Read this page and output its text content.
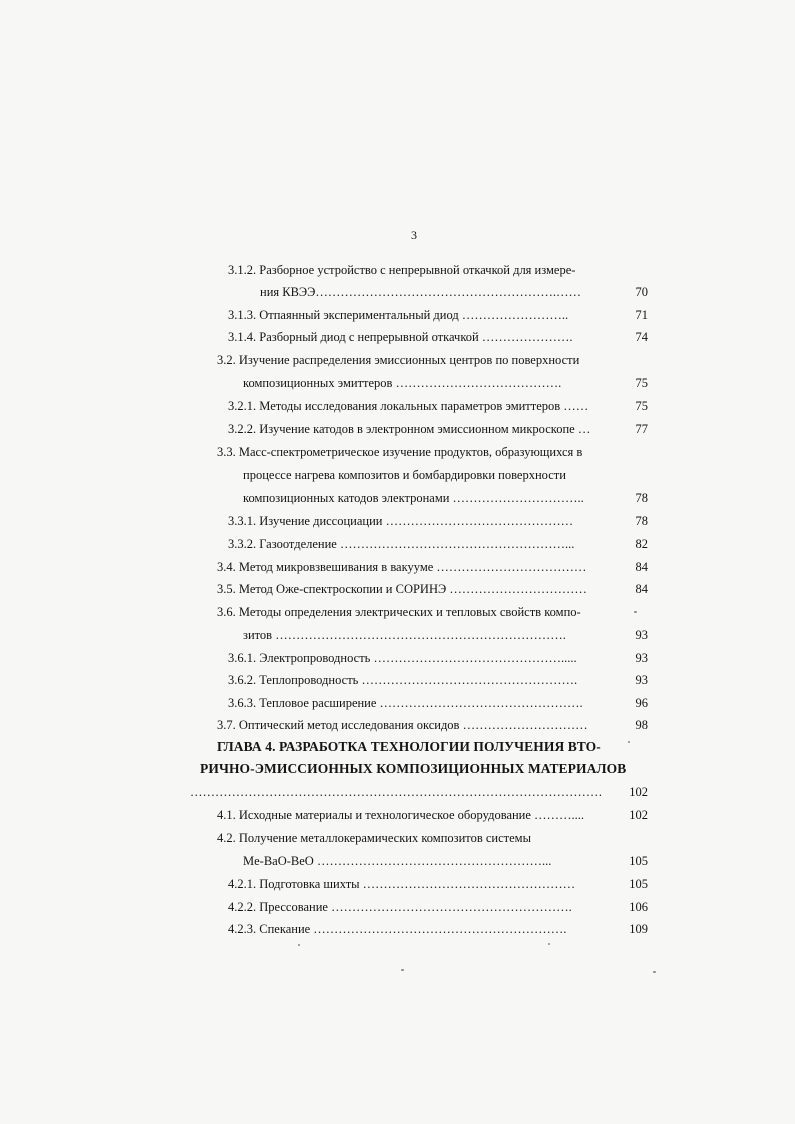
3
3.1.2. Разборное устройство с непрерывной откачкой для измере-
ния КВЭЭ………………………………………………….……	70
3.1.3. Отпаянный экспериментальный диод ……………………..	71
3.1.4. Разборный диод с непрерывной откачкой ………………….	74
3.2. Изучение распределения эмиссионных центров по поверхности
композиционных эмиттеров ………………………………….	75
3.2.1. Методы исследования локальных параметров эмиттеров ……	75
3.2.2. Изучение катодов в электронном эмиссионном микроскопе …	77
3.3. Масс-спектрометрическое изучение продуктов, образующихся в
процессе нагрева композитов и бомбардировки поверхности
композиционных катодов электронами …………………………..	78
3.3.1. Изучение диссоциации ………………………………………	78
3.3.2. Газоотделение ………………………………………………...	82
3.4. Метод микровзвешивания в вакууме ………………………………	84
3.5. Метод Оже-спектроскопии и СОРИНЭ ……………………………	84
3.6. Методы определения электрических и тепловых свойств компо-
зитов …………………………………………………………….	93
3.6.1. Электропроводность ……………………………………….....	93
3.6.2. Теплопроводность …………………………………………….	93
3.6.3. Тепловое расширение ………………………………………….	96
3.7. Оптический метод исследования оксидов …………………………	98
ГЛАВА 4. РАЗРАБОТКА ТЕХНОЛОГИИ ПОЛУЧЕНИЯ ВТО-
РИЧНО-ЭМИССИОННЫХ КОМПОЗИЦИОННЫХ МАТЕРИАЛОВ
………………………………………………………………………………………	102
4.1. Исходные материалы и технологическое оборудование ………....	102
4.2. Получение металлокерамических композитов системы
Me-BaO-BeO ………………………………………………...	105
4.2.1. Подготовка шихты ……………………………………………	105
4.2.2. Прессование ………………………………………………….	106
4.2.3. Спекание …………………………………………………….	109
